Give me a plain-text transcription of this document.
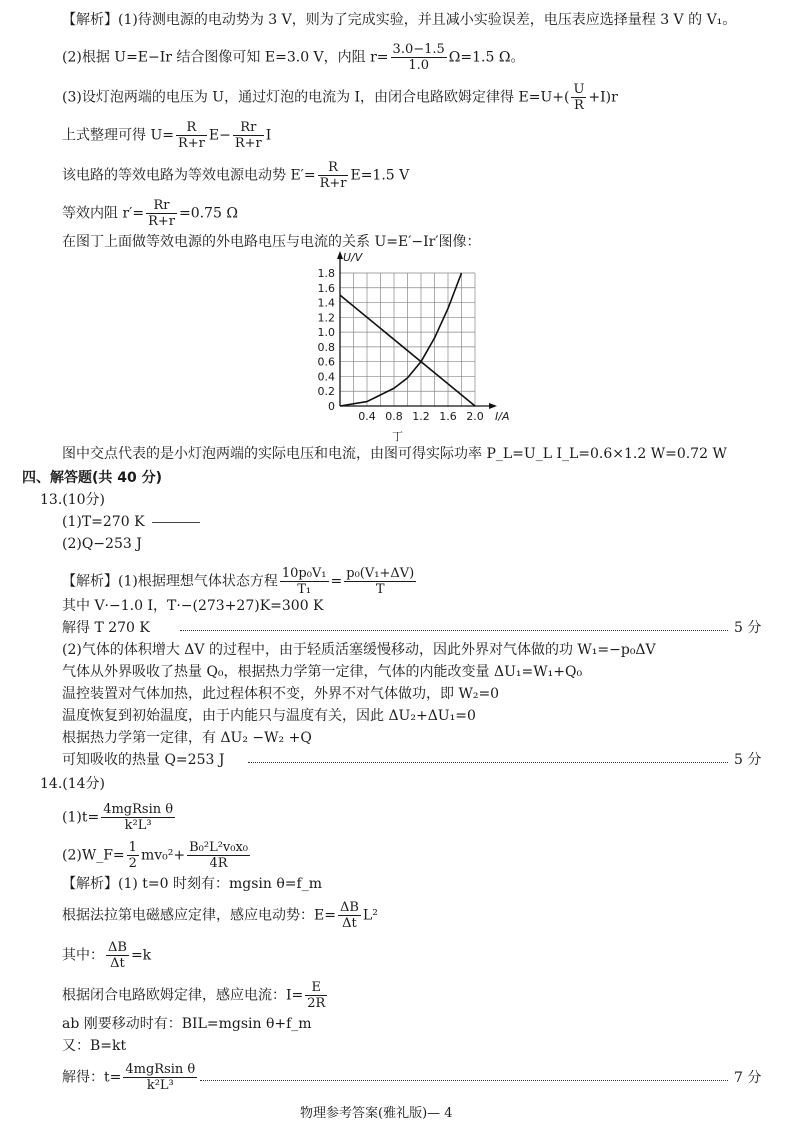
【解析】(1)待测电源的电动势为 3 V，则为了完成实验，并且减小实验误差，电压表应选择量程 3 V 的 V₁。
(2)根据 U=E−Ir 结合图像可知 E=3.0 V，内阻 $r= \frac{3.0-1.5}{1.0} \Omega=1.5$ Ω。
(3)设灯泡两端的电压为 U，通过灯泡的电流为 I，由闭合电路欧姆定律得 $E=U+( \frac{U}{R} +I)r$
上式整理可得 $U= \frac{R}{R+r} E- \frac{Rr}{R+r}$ I
该电路的等效电路为等效电源电动势 $E'= \frac{R}{R+r} E=1.5$ V
等效内阻 $r'= \frac{Rr}{R+r} =0.75$ Ω
在图丁上面做等效电源的外电路电压与电流的关系 U=E′−Ir′图像：
0.4 0.8 1.2 1.6 2.0
0.2
0.4
0.6
0.8
1.0
1.2
1.4
1.6
1.8
0
I/A
U/V
丁
图中交点代表的是小灯泡两端的实际电压和电流，由图可得实际功率 P_L=U_L I_L=0.6×1.2 W=0.72 W
四、解答题(共 40 分)
13.(10分)
(1)T=270 K
(2)Q−253 J
【解析】(1)根据理想气体状态方程 $\frac{\text{10p₀V₁}}{\text{T₁}} = \frac{\text{p₀(V₁+ΔV)}}{T}$
其中 V·−1.0 I，T·−(273+27)K=300 K
解得 T 270 K	5 分
(2)气体的体积增大 ΔV 的过程中，由于轻质活塞缓慢移动，因此外界对气体做的功 W₁=−p₀ΔV
气体从外界吸收了热量 Q₀，根据热力学第一定律，气体的内能改变量 ΔU₁=W₁+Q₀
温控装置对气体加热，此过程体积不变，外界不对气体做功，即 W₂=0
温度恢复到初始温度，由于内能只与温度有关，因此 ΔU₂+ΔU₁=0
根据热力学第一定律，有 ΔU₂ −W₂ +Q
可知吸收的热量 Q=253 J	5 分
14.(14分)
$(1)t= \frac{\text{4mgRsin θ}}{\text{k²L³}}$
(2)W_F= $\frac{1}{2} mv_0^2+ \frac{\text{B₀²L²v₀x₀}}{4R}$
【解析】(1) t=0 时刻有：mgsin θ=f_m
根据法拉第电磁感应定律，感应电动势：$E= \frac{\Delta B}{\Delta t} L^2$
其中： $\frac{\Delta B}{\Delta t} =k$
根据闭合电路欧姆定律，感应电流：$I= \frac{E}{2R}$
ab 刚要移动时有：BIL=mgsin θ+f_m
又：B=kt
解得：$t= \frac{\text{4mgRsin θ}}{\text{k²L³}}$	7 分
物理参考答案(雅礼版)— 4
